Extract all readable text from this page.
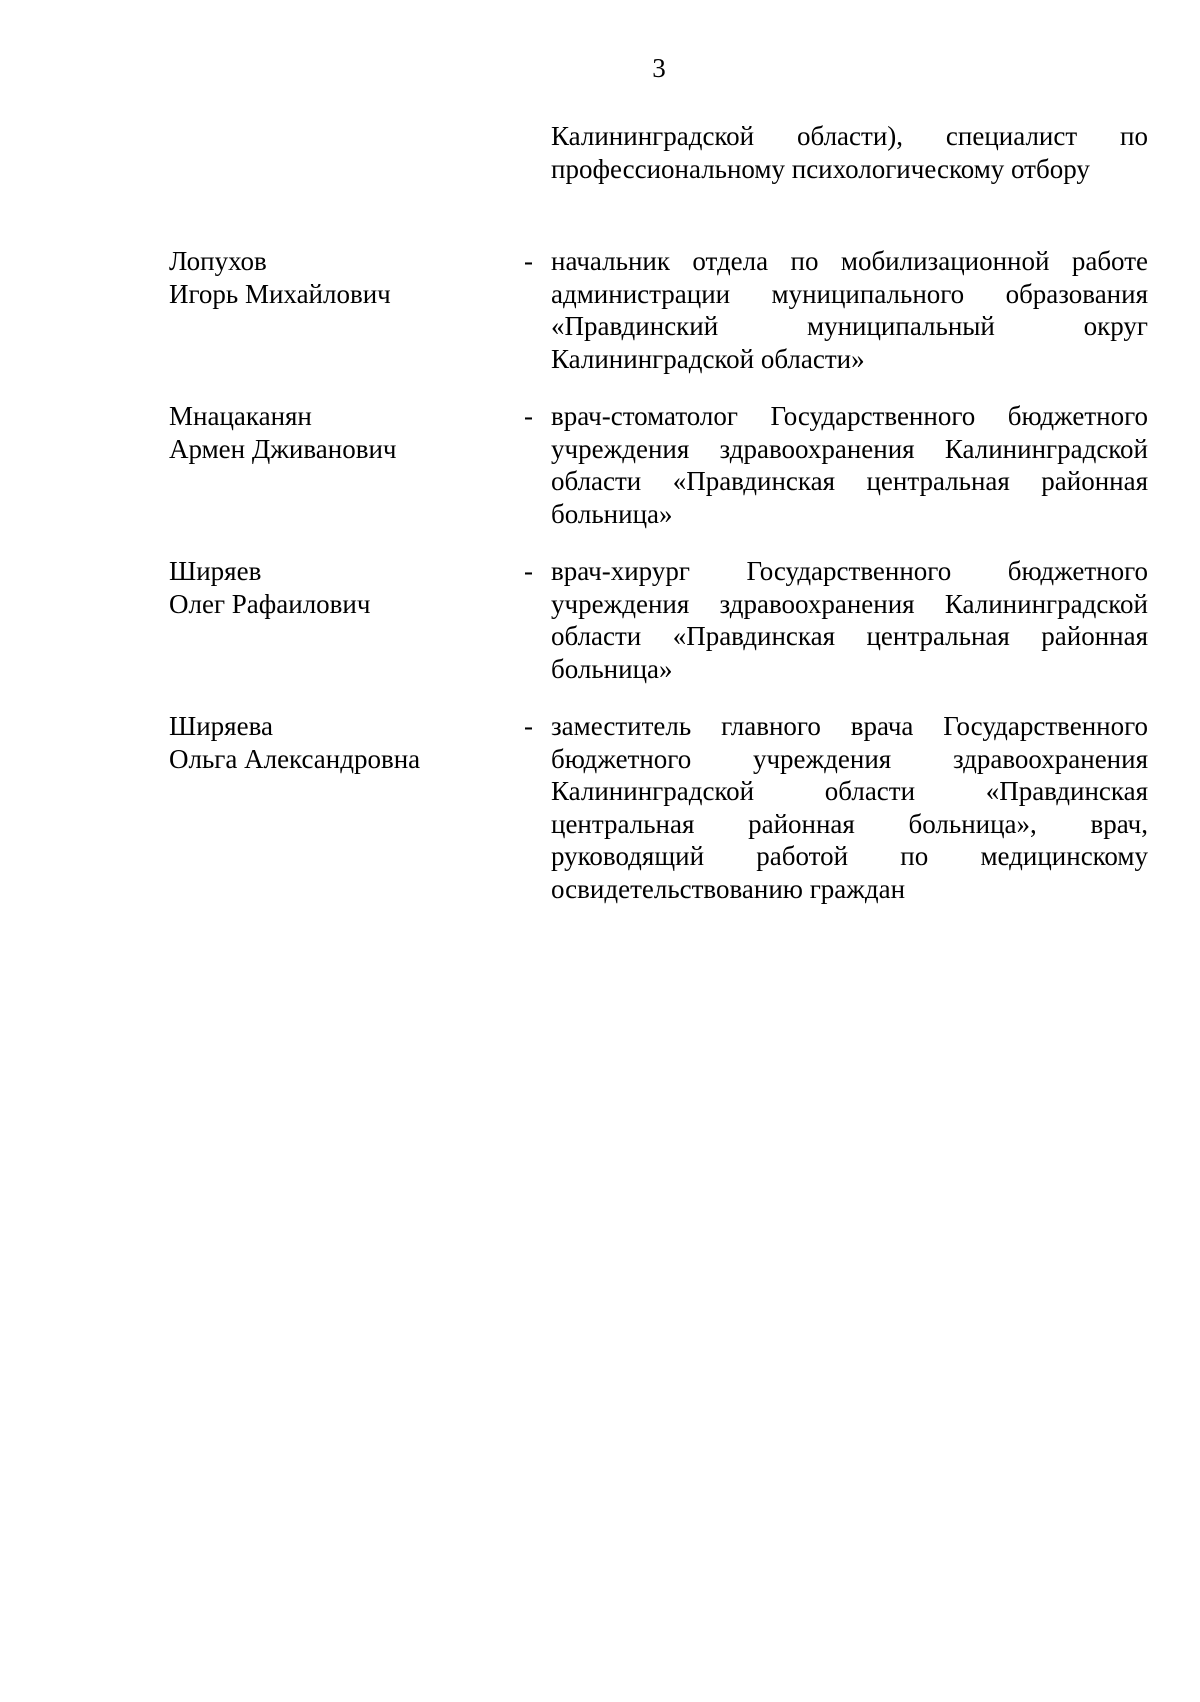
3
Калининградской области), специалист по профессиональному психологическому отбору
Лопухов
Игорь Михайлович
- начальник отдела по мобилизационной работе администрации муниципального образования «Правдинский муниципальный округ Калининградской области»
Мнацаканян
Армен Дживанович
- врач-стоматолог Государственного бюджетного учреждения здравоохранения Калининградской области «Правдинская центральная районная больница»
Ширяев
Олег Рафаилович
- врач-хирург Государственного бюджетного учреждения здравоохранения Калининградской области «Правдинская центральная районная больница»
Ширяева
Ольга Александровна
- заместитель главного врача Государственного бюджетного учреждения здравоохранения Калининградской области «Правдинская центральная районная больница», врач, руководящий работой по медицинскому освидетельствованию граждан
